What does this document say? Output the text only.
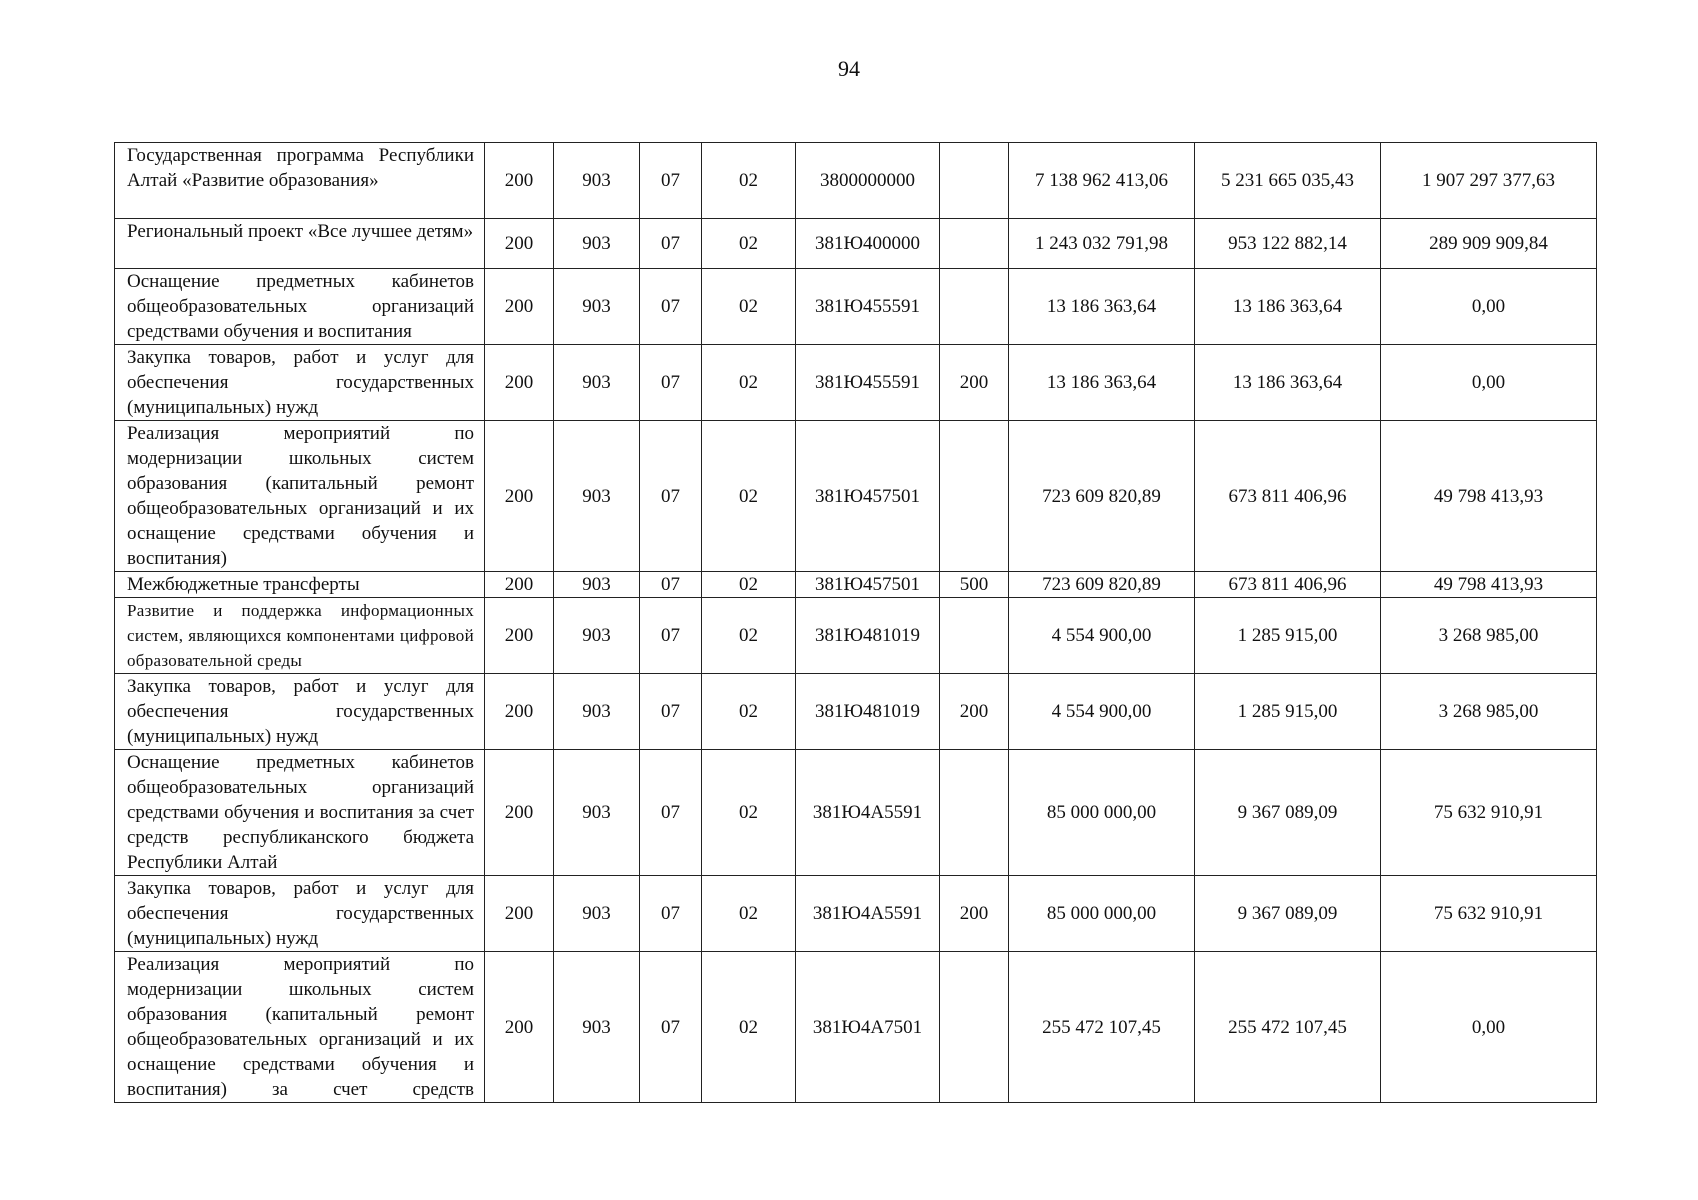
94
Государственная программа Республики Алтай «Развитие образования»	200	903	07	02	3800000000		7 138 962 413,06	5 231 665 035,43	1 907 297 377,63
Региональный проект «Все лучшее детям»	200	903	07	02	381Ю400000		1 243 032 791,98	953 122 882,14	289 909 909,84
Оснащение предметных кабинетов общеобразовательных организаций средствами обучения и воспитания	200	903	07	02	381Ю455591		13 186 363,64	13 186 363,64	0,00
Закупка товаров, работ и услуг для обеспечения государственных (муниципальных) нужд	200	903	07	02	381Ю455591	200	13 186 363,64	13 186 363,64	0,00
Реализация мероприятий по модернизации школьных систем образования (капитальный ремонт общеобразовательных организаций и их оснащение средствами обучения и воспитания)	200	903	07	02	381Ю457501		723 609 820,89	673 811 406,96	49 798 413,93
Межбюджетные трансферты	200	903	07	02	381Ю457501	500	723 609 820,89	673 811 406,96	49 798 413,93
Развитие и поддержка информационных систем, являющихся компонентами цифровой образовательной среды	200	903	07	02	381Ю481019		4 554 900,00	1 285 915,00	3 268 985,00
Закупка товаров, работ и услуг для обеспечения государственных (муниципальных) нужд	200	903	07	02	381Ю481019	200	4 554 900,00	1 285 915,00	3 268 985,00
Оснащение предметных кабинетов общеобразовательных организаций средствами обучения и воспитания за счет средств республиканского бюджета Республики Алтай	200	903	07	02	381Ю4А5591		85 000 000,00	9 367 089,09	75 632 910,91
Закупка товаров, работ и услуг для обеспечения государственных (муниципальных) нужд	200	903	07	02	381Ю4А5591	200	85 000 000,00	9 367 089,09	75 632 910,91
Реализация мероприятий по модернизации школьных систем образования (капитальный ремонт общеобразовательных организаций и их оснащение средствами обучения и воспитания) за счет средств	200	903	07	02	381Ю4А7501		255 472 107,45	255 472 107,45	0,00
